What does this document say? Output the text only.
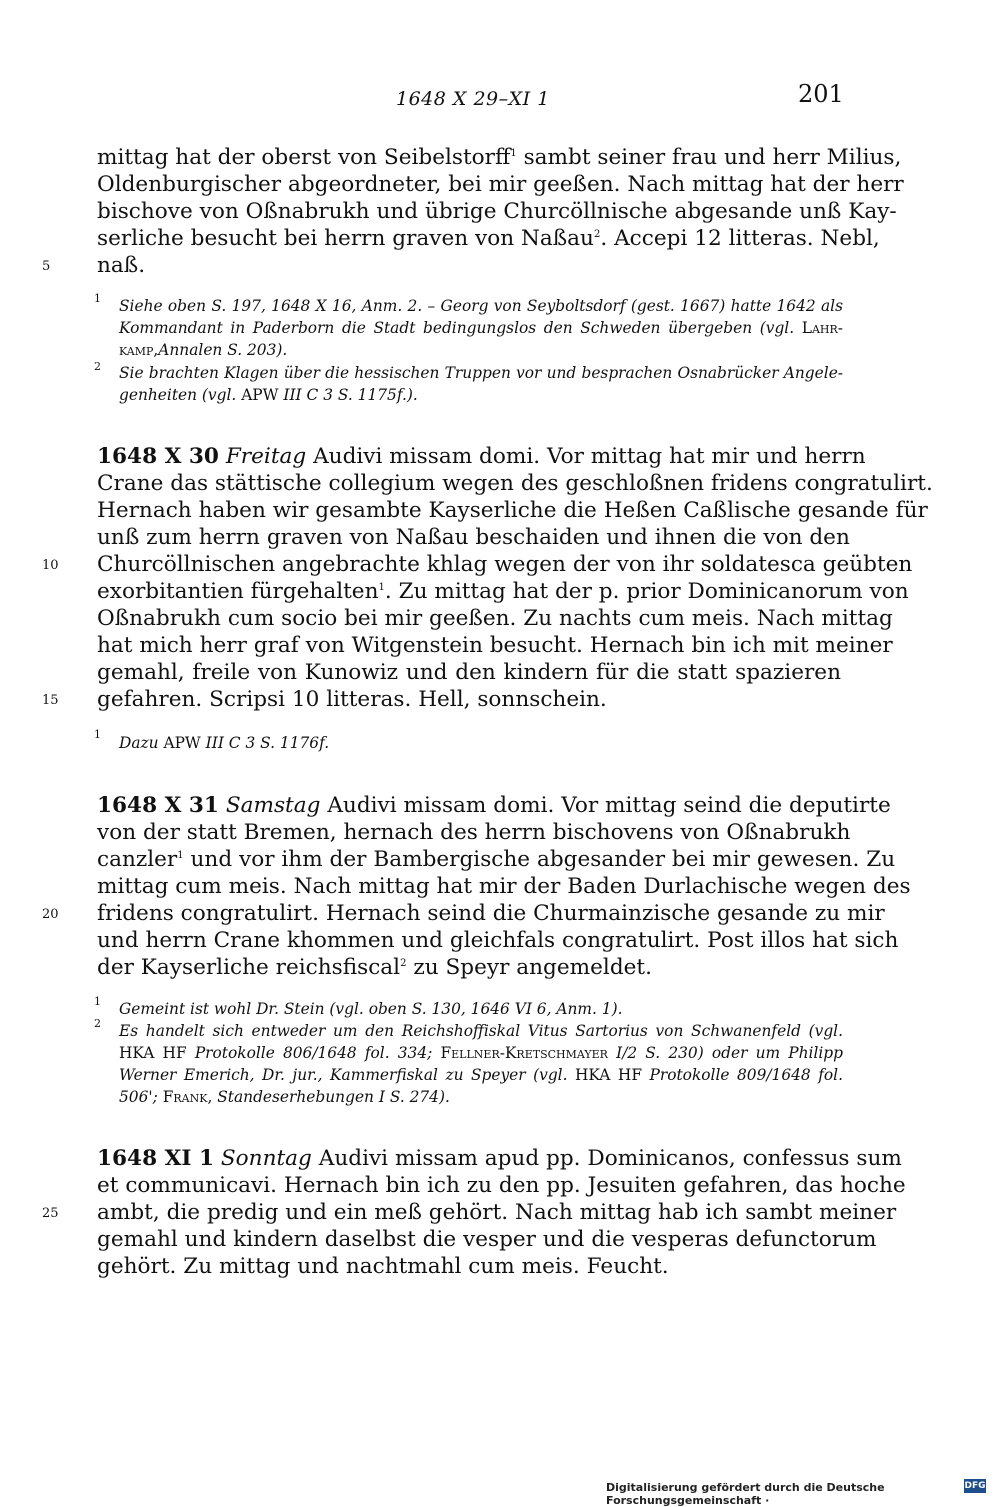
1648 X 29–XI 1	201
mittag hat der oberst von Seibelstorff$^1$ sambt seiner frau und herr Milius,
Oldenburgischer abgeordneter, bei mir geeßen. Nach mittag hat der herr
bischove von Oßnabrukh und übrige Churcöllnische abgesande unß Kay-
serliche besucht bei herrn graven von Naßau$^2$. Accepi 12 litteras. Nebl,
naß.
5
1 Siehe oben S. 197, 1648 X 16, Anm. 2. – Georg von Seyboltsdorf (gest. 1667) hatte 1642 als
Kommandant in Paderborn die Stadt bedingungslos den Schweden übergeben (vgl. Lahr-
kamp,Annalen S. 203).
2 Sie brachten Klagen über die hessischen Truppen vor und besprachen Osnabrücker Angele-
genheiten (vgl. APW III C 3 S. 1175f.).
1648 X 30 Freitag Audivi missam domi. Vor mittag hat mir und herrn
Crane das stättische collegium wegen des geschloßnen fridens congratulirt.
Hernach haben wir gesambte Kayserliche die Heßen Caßlische gesande für
unß zum herrn graven von Naßau beschaiden und ihnen die von den
Churcöllnischen angebrachte khlag wegen der von ihr soldatesca geübten
10
exorbitantien fürgehalten$^1$. Zu mittag hat der p. prior Dominicanorum von
Oßnabrukh cum socio bei mir geeßen. Zu nachts cum meis. Nach mittag
hat mich herr graf von Witgenstein besucht. Hernach bin ich mit meiner
gemahl, freile von Kunowiz und den kindern für die statt spazieren
gefahren. Scripsi 10 litteras. Hell, sonnschein.
15
1 Dazu APW III C 3 S. 1176f.
1648 X 31 Samstag Audivi missam domi. Vor mittag seind die deputirte
von der statt Bremen, hernach des herrn bischovens von Oßnabrukh
canzler$^1$ und vor ihm der Bambergische abgesander bei mir gewesen. Zu
mittag cum meis. Nach mittag hat mir der Baden Durlachische wegen des
fridens congratulirt. Hernach seind die Churmainzische gesande zu mir
20
und herrn Crane khommen und gleichfals congratulirt. Post illos hat sich
der Kayserliche reichsfiscal$^2$ zu Speyr angemeldet.
1 Gemeint ist wohl Dr. Stein (vgl. oben S. 130, 1646 VI 6, Anm. 1).
2 Es handelt sich entweder um den Reichshoffiskal Vitus Sartorius von Schwanenfeld (vgl.
HKA HF Protokolle 806/1648 fol. 334; Fellner-Kretschmayer I/2 S. 230) oder um Philipp
Werner Emerich, Dr. jur., Kammerfiskal zu Speyer (vgl. HKA HF Protokolle 809/1648 fol.
506'; Frank, Standeserhebungen I S. 274).
1648 XI 1 Sonntag Audivi missam apud pp. Dominicanos, confessus sum
et communicavi. Hernach bin ich zu den pp. Jesuiten gefahren, das hoche
ambt, die predig und ein meß gehört. Nach mittag hab ich sambt meiner
25
gemahl und kindern daselbst die vesper und die vesperas defunctorum
gehört. Zu mittag und nachtmahl cum meis. Feucht.
Digitalisierung gefördert durch die Deutsche Forschungsgemeinschaft ·
DFG
